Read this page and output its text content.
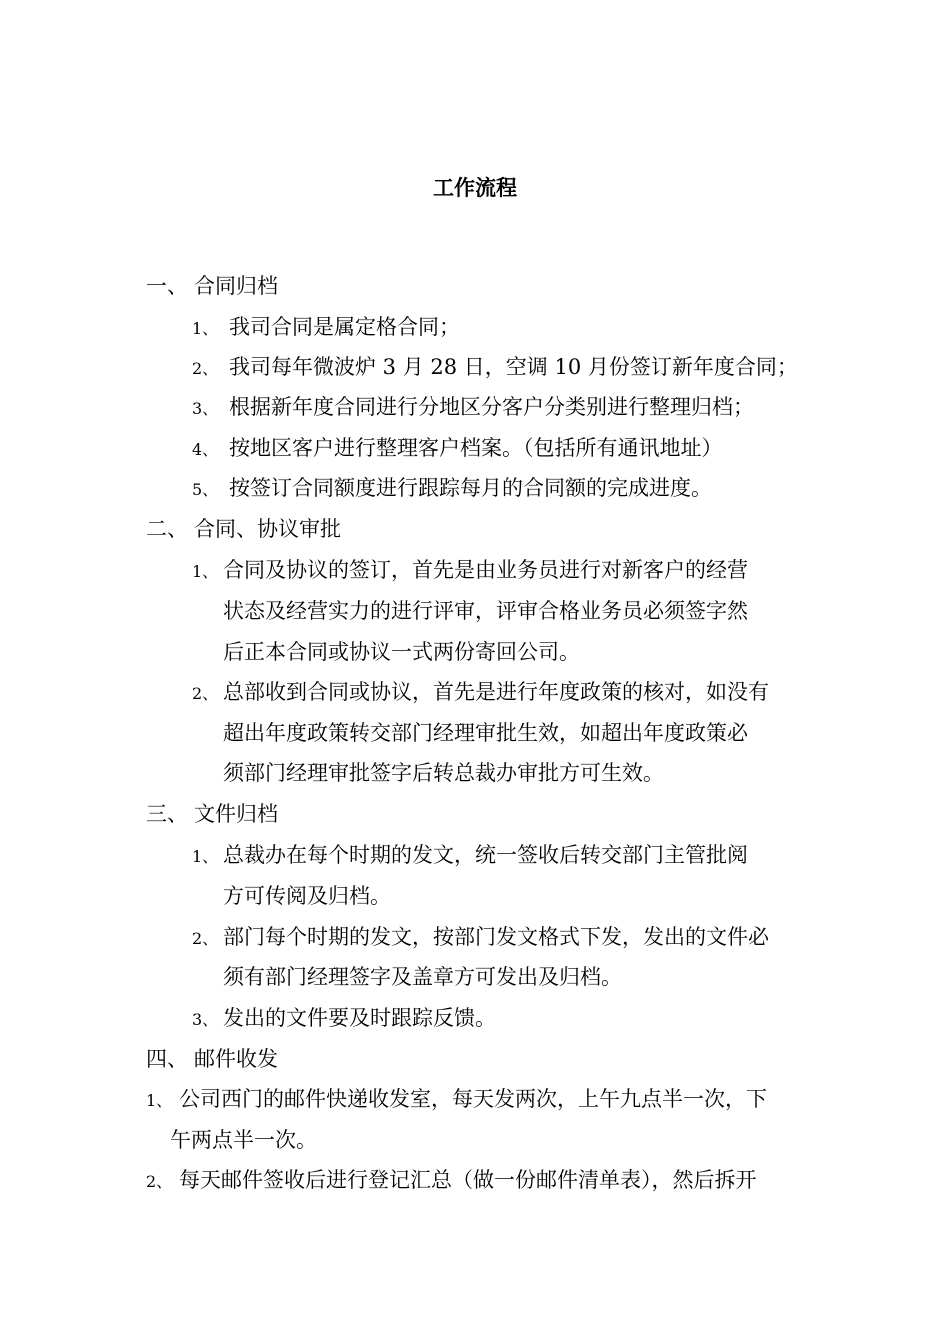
工作流程
一、 合同归档
1、 我司合同是属定格合同；
2、 我司每年微波炉 3 月 28 日，空调 10 月份签订新年度合同；
3、 根据新年度合同进行分地区分客户分类别进行整理归档；
4、 按地区客户进行整理客户档案。（包括所有通讯地址）
5、 按签订合同额度进行跟踪每月的合同额的完成进度。
二、 合同、协议审批
1、 合同及协议的签订，首先是由业务员进行对新客户的经营
状态及经营实力的进行评审，评审合格业务员必须签字然
后正本合同或协议一式两份寄回公司。
2、 总部收到合同或协议，首先是进行年度政策的核对，如没有
超出年度政策转交部门经理审批生效，如超出年度政策必
须部门经理审批签字后转总裁办审批方可生效。
三、 文件归档
1、 总裁办在每个时期的发文，统一签收后转交部门主管批阅
方可传阅及归档。
2、 部门每个时期的发文，按部门发文格式下发，发出的文件必
须有部门经理签字及盖章方可发出及归档。
3、 发出的文件要及时跟踪反馈。
四、 邮件收发
1、 公司西门的邮件快递收发室，每天发两次，上午九点半一次，下
午两点半一次。
2、 每天邮件签收后进行登记汇总（做一份邮件清单表），然后拆开
